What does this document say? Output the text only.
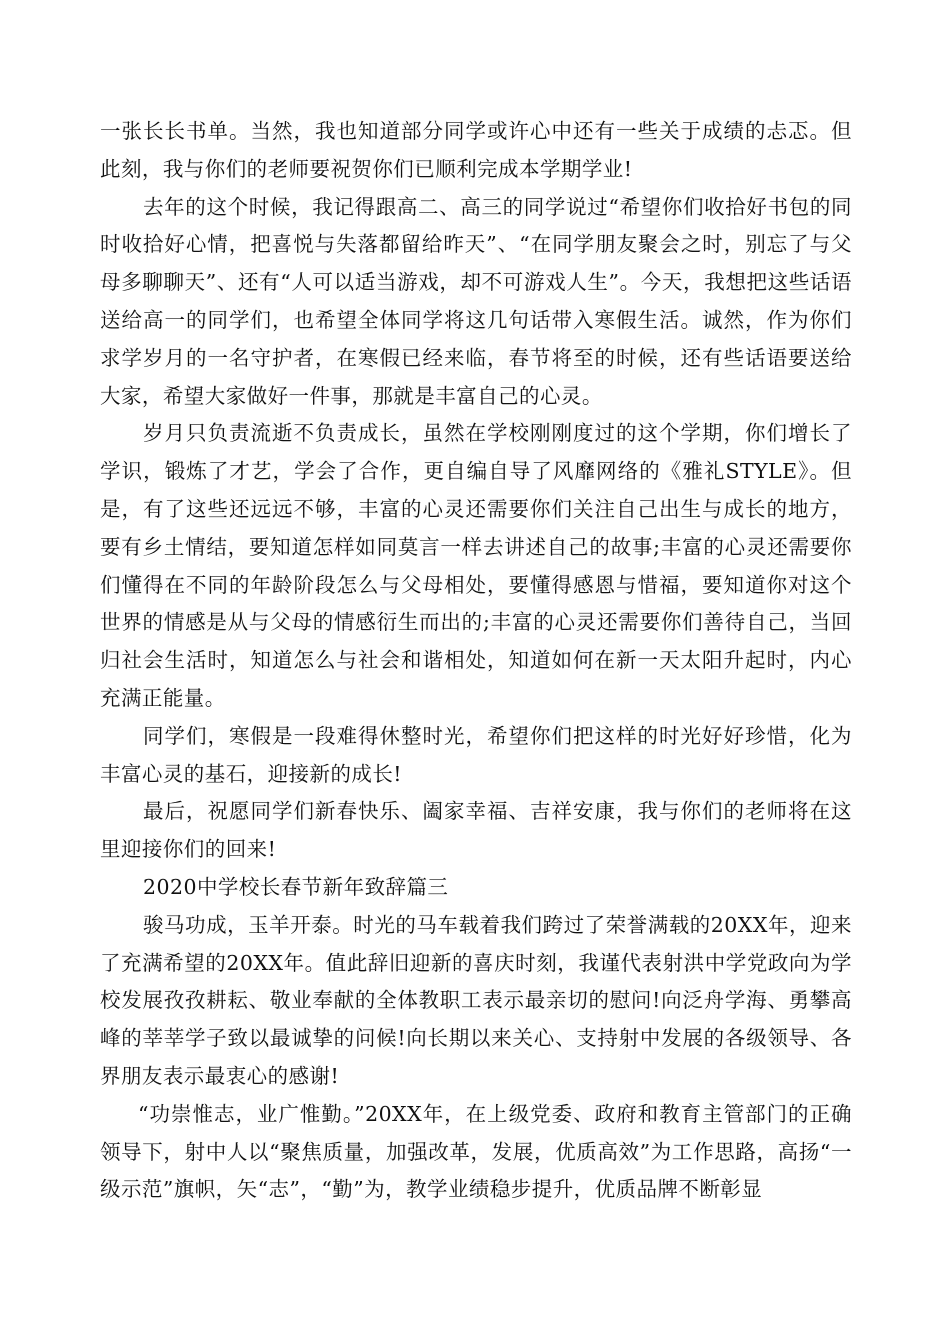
一张长长书单。当然，我也知道部分同学或许心中还有一些关于成绩的忐忑。但此刻，我与你们的老师要祝贺你们已顺利完成本学期学业!

去年的这个时候，我记得跟高二、高三的同学说过“希望你们收拾好书包的同时收拾好心情，把喜悦与失落都留给昨天”、“在同学朋友聚会之时，别忘了与父母多聊聊天”、还有“人可以适当游戏，却不可游戏人生”。今天，我想把这些话语送给高一的同学们，也希望全体同学将这几句话带入寒假生活。诚然，作为你们求学岁月的一名守护者，在寒假已经来临，春节将至的时候，还有些话语要送给大家，希望大家做好一件事，那就是丰富自己的心灵。

岁月只负责流逝不负责成长，虽然在学校刚刚度过的这个学期，你们增长了学识，锻炼了才艺，学会了合作，更自编自导了风靡网络的《雅礼STYLE》。但是，有了这些还远远不够，丰富的心灵还需要你们关注自己出生与成长的地方，要有乡土情结，要知道怎样如同莫言一样去讲述自己的故事;丰富的心灵还需要你们懂得在不同的年龄阶段怎么与父母相处，要懂得感恩与惜福，要知道你对这个世界的情感是从与父母的情感衍生而出的;丰富的心灵还需要你们善待自己，当回归社会生活时，知道怎么与社会和谐相处，知道如何在新一天太阳升起时，内心充满正能量。

同学们，寒假是一段难得休整时光，希望你们把这样的时光好好珍惜，化为丰富心灵的基石，迎接新的成长!

最后，祝愿同学们新春快乐、阖家幸福、吉祥安康，我与你们的老师将在这里迎接你们的回来!

2020中学校长春节新年致辞篇三

骏马功成，玉羊开泰。时光的马车载着我们跨过了荣誉满载的20XX年，迎来了充满希望的20XX年。值此辞旧迎新的喜庆时刻，我谨代表射洪中学党政向为学校发展孜孜耕耘、敬业奉献的全体教职工表示最亲切的慰问!向泛舟学海、勇攀高峰的莘莘学子致以最诚挚的问候!向长期以来关心、支持射中发展的各级领导、各界朋友表示最衷心的感谢!

“功崇惟志，业广惟勤。”20XX年，在上级党委、政府和教育主管部门的正确领导下，射中人以“聚焦质量，加强改革，发展，优质高效”为工作思路，高扬“一级示范”旗帜，矢“志”，“勤”为，教学业绩稳步提升，优质品牌不断彰显
